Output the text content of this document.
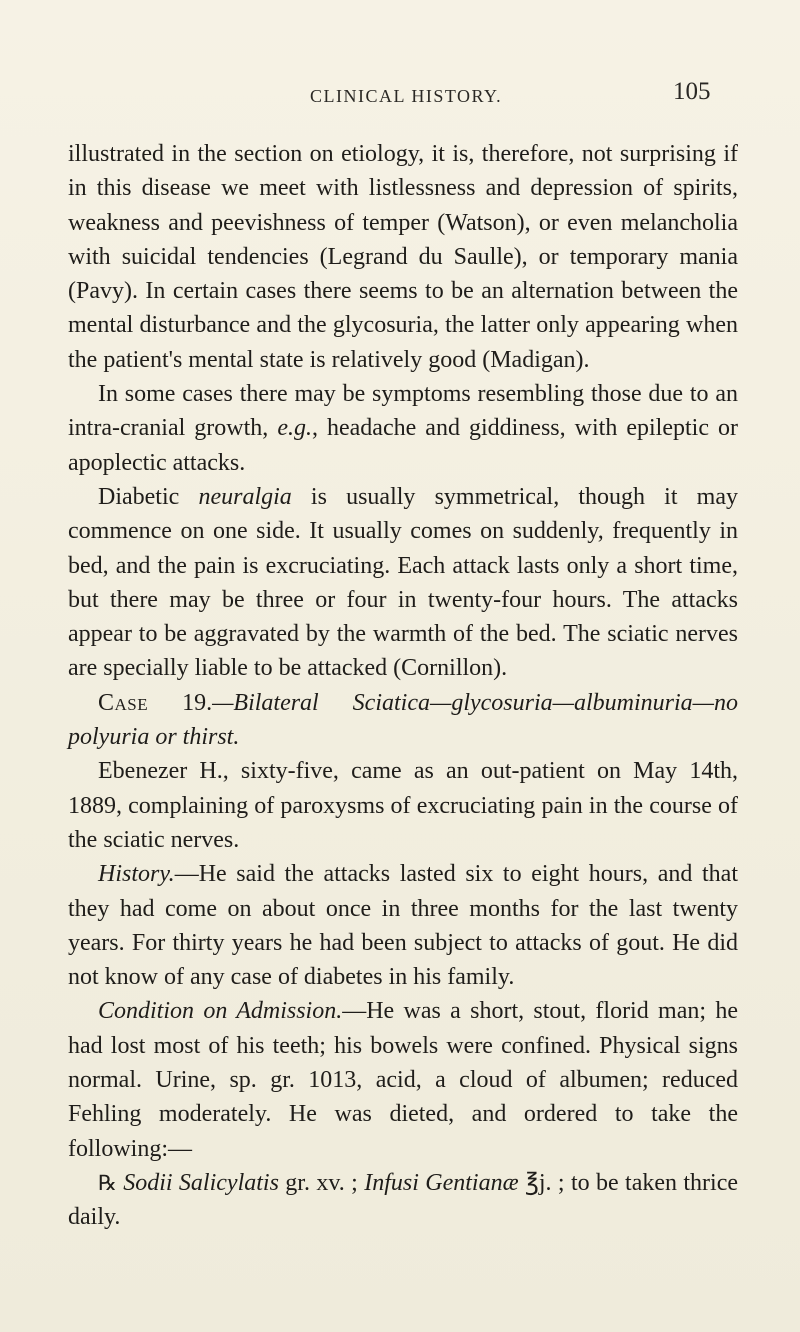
CLINICAL HISTORY.	105

illustrated in the section on etiology, it is, therefore, not surprising if in this disease we meet with listlessness and depression of spirits, weakness and peevishness of temper (Watson), or even melancholia with suicidal tendencies (Legrand du Saulle), or temporary mania (Pavy). In certain cases there seems to be an alternation between the mental disturbance and the glycosuria, the latter only appearing when the patient's mental state is relatively good (Madigan).

In some cases there may be symptoms resembling those due to an intra-cranial growth, e.g., headache and giddiness, with epileptic or apoplectic attacks.

Diabetic neuralgia is usually symmetrical, though it may commence on one side. It usually comes on suddenly, frequently in bed, and the pain is excruciating. Each attack lasts only a short time, but there may be three or four in twenty-four hours. The attacks appear to be aggravated by the warmth of the bed. The sciatic nerves are specially liable to be attacked (Cornillon).

Case 19.—Bilateral Sciatica—glycosuria—albuminuria—no polyuria or thirst.

Ebenezer H., sixty-five, came as an out-patient on May 14th, 1889, complaining of paroxysms of excruciating pain in the course of the sciatic nerves.

History.—He said the attacks lasted six to eight hours, and that they had come on about once in three months for the last twenty years. For thirty years he had been subject to attacks of gout. He did not know of any case of diabetes in his family.

Condition on Admission.—He was a short, stout, florid man; he had lost most of his teeth; his bowels were confined. Physical signs normal. Urine, sp. gr. 1013, acid, a cloud of albumen; reduced Fehling moderately. He was dieted, and ordered to take the following:—

℞ Sodii Salicylatis gr. xv. ; Infusi Gentianæ ℥j. ; to be taken thrice daily.
